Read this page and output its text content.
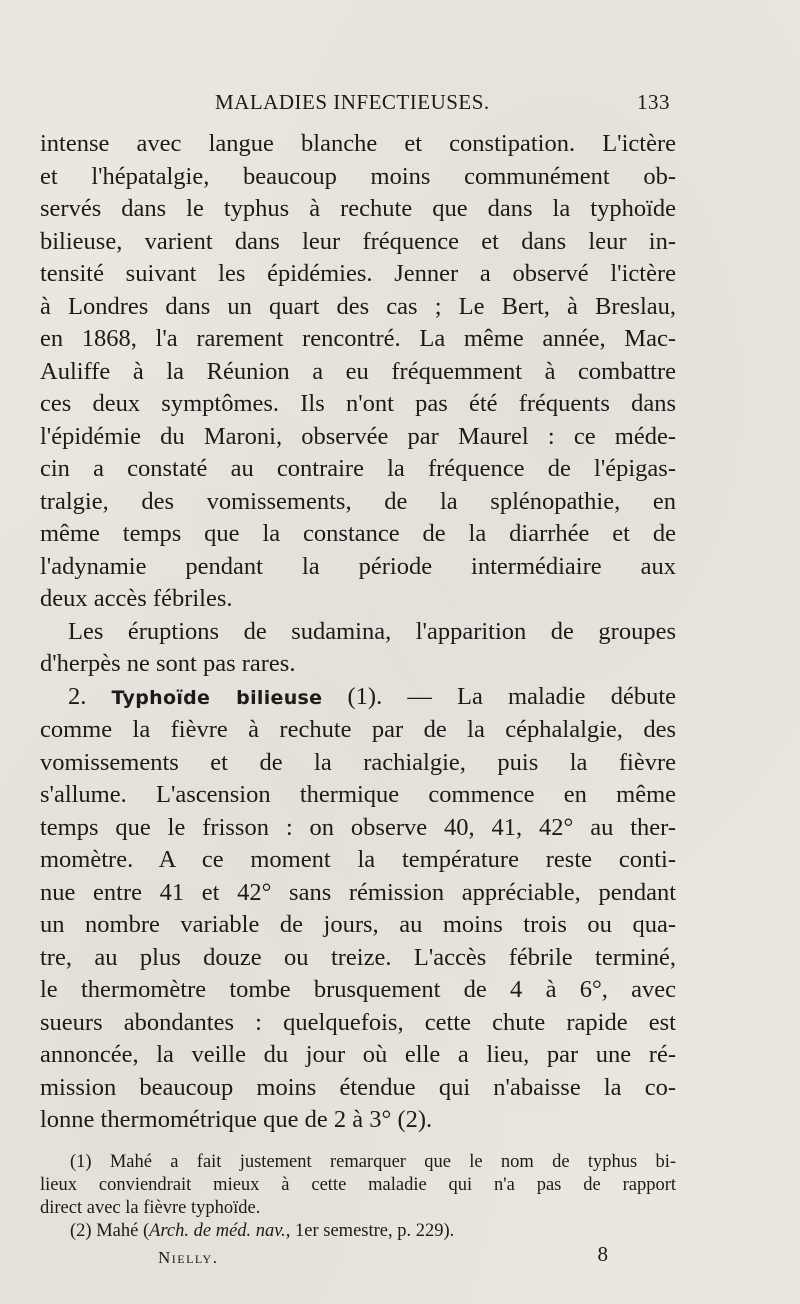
MALADIES INFECTIEUSES.	133

intense avec langue blanche et constipation. L'ictère
et l'hépatalgie, beaucoup moins communément ob-
servés dans le typhus à rechute que dans la typhoïde
bilieuse, varient dans leur fréquence et dans leur in-
tensité suivant les épidémies. Jenner a observé l'ictère
à Londres dans un quart des cas ; Le Bert, à Breslau,
en 1868, l'a rarement rencontré. La même année, Mac-
Auliffe à la Réunion a eu fréquemment à combattre
ces deux symptômes. Ils n'ont pas été fréquents dans
l'épidémie du Maroni, observée par Maurel : ce méde-
cin a constaté au contraire la fréquence de l'épigas-
tralgie, des vomissements, de la splénopathie, en
même temps que la constance de la diarrhée et de
l'adynamie pendant la période intermédiaire aux
deux accès fébriles.

Les éruptions de sudamina, l'apparition de groupes
d'herpès ne sont pas rares.

2. Typhoïde bilieuse (1). — La maladie débute
comme la fièvre à rechute par de la céphalalgie, des
vomissements et de la rachialgie, puis la fièvre
s'allume. L'ascension thermique commence en même
temps que le frisson : on observe 40, 41, 42° au ther-
momètre. A ce moment la température reste conti-
nue entre 41 et 42° sans rémission appréciable, pendant
un nombre variable de jours, au moins trois ou qua-
tre, au plus douze ou treize. L'accès fébrile terminé,
le thermomètre tombe brusquement de 4 à 6°, avec
sueurs abondantes : quelquefois, cette chute rapide est
annoncée, la veille du jour où elle a lieu, par une ré-
mission beaucoup moins étendue qui n'abaisse la co-
lonne thermométrique que de 2 à 3° (2).

(1) Mahé a fait justement remarquer que le nom de typhus bi-
lieux conviendrait mieux à cette maladie qui n'a pas de rapport
direct avec la fièvre typhoïde.
(2) Mahé (Arch. de méd. nav., 1er semestre, p. 229).
Nielly.	8
